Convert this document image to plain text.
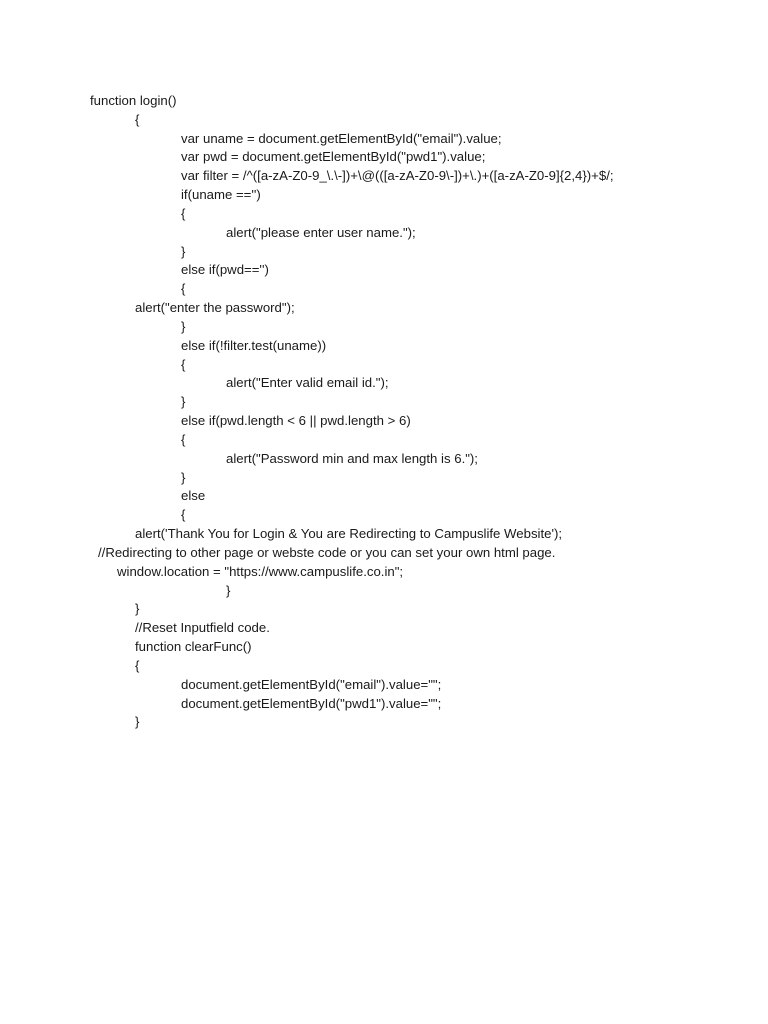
function login()
{
var uname = document.getElementById("email").value;
var pwd = document.getElementById("pwd1").value;
var filter = /^([a-zA-Z0-9_\.\-])+\@(([a-zA-Z0-9\-])+\.)+([a-zA-Z0-9]{2,4})+$/;
if(uname =='')
{
alert("please enter user name.");
}
else if(pwd=='')
{
alert("enter the password");
}
else if(!filter.test(uname))
{
alert("Enter valid email id.");
}
else if(pwd.length < 6 || pwd.length > 6)
{
alert("Password min and max length is 6.");
}
else
{
alert('Thank You for Login & You are Redirecting to Campuslife Website');
//Redirecting to other page or webste code or you can set your own html page.
window.location = "https://www.campuslife.co.in";
}
}
//Reset Inputfield code.
function clearFunc()
{
document.getElementById("email").value="";
document.getElementById("pwd1").value="";
}
